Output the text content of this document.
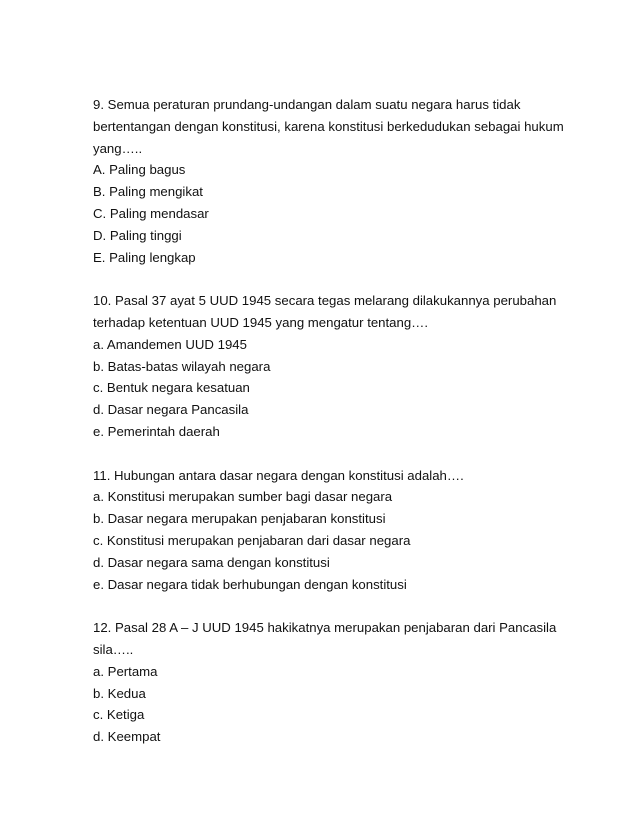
9. Semua peraturan prundang-undangan dalam suatu negara harus tidak

bertentangan dengan konstitusi, karena konstitusi berkedudukan sebagai hukum

yang…..

A. Paling bagus

B. Paling mengikat

C. Paling mendasar

D. Paling tinggi

E. Paling lengkap

10. Pasal 37 ayat 5 UUD 1945 secara tegas melarang dilakukannya perubahan

terhadap ketentuan UUD 1945 yang mengatur tentang….

a. Amandemen UUD 1945

b. Batas-batas wilayah negara

c. Bentuk negara kesatuan

d. Dasar negara Pancasila

e. Pemerintah daerah

11. Hubungan antara dasar negara dengan konstitusi adalah….

a. Konstitusi merupakan sumber bagi dasar negara

b. Dasar negara merupakan penjabaran konstitusi

c. Konstitusi merupakan penjabaran dari dasar negara

d. Dasar negara sama dengan konstitusi

e. Dasar negara tidak berhubungan dengan konstitusi

12. Pasal 28 A – J UUD 1945 hakikatnya merupakan penjabaran dari Pancasila

sila…..

a. Pertama

b. Kedua

c. Ketiga

d. Keempat
